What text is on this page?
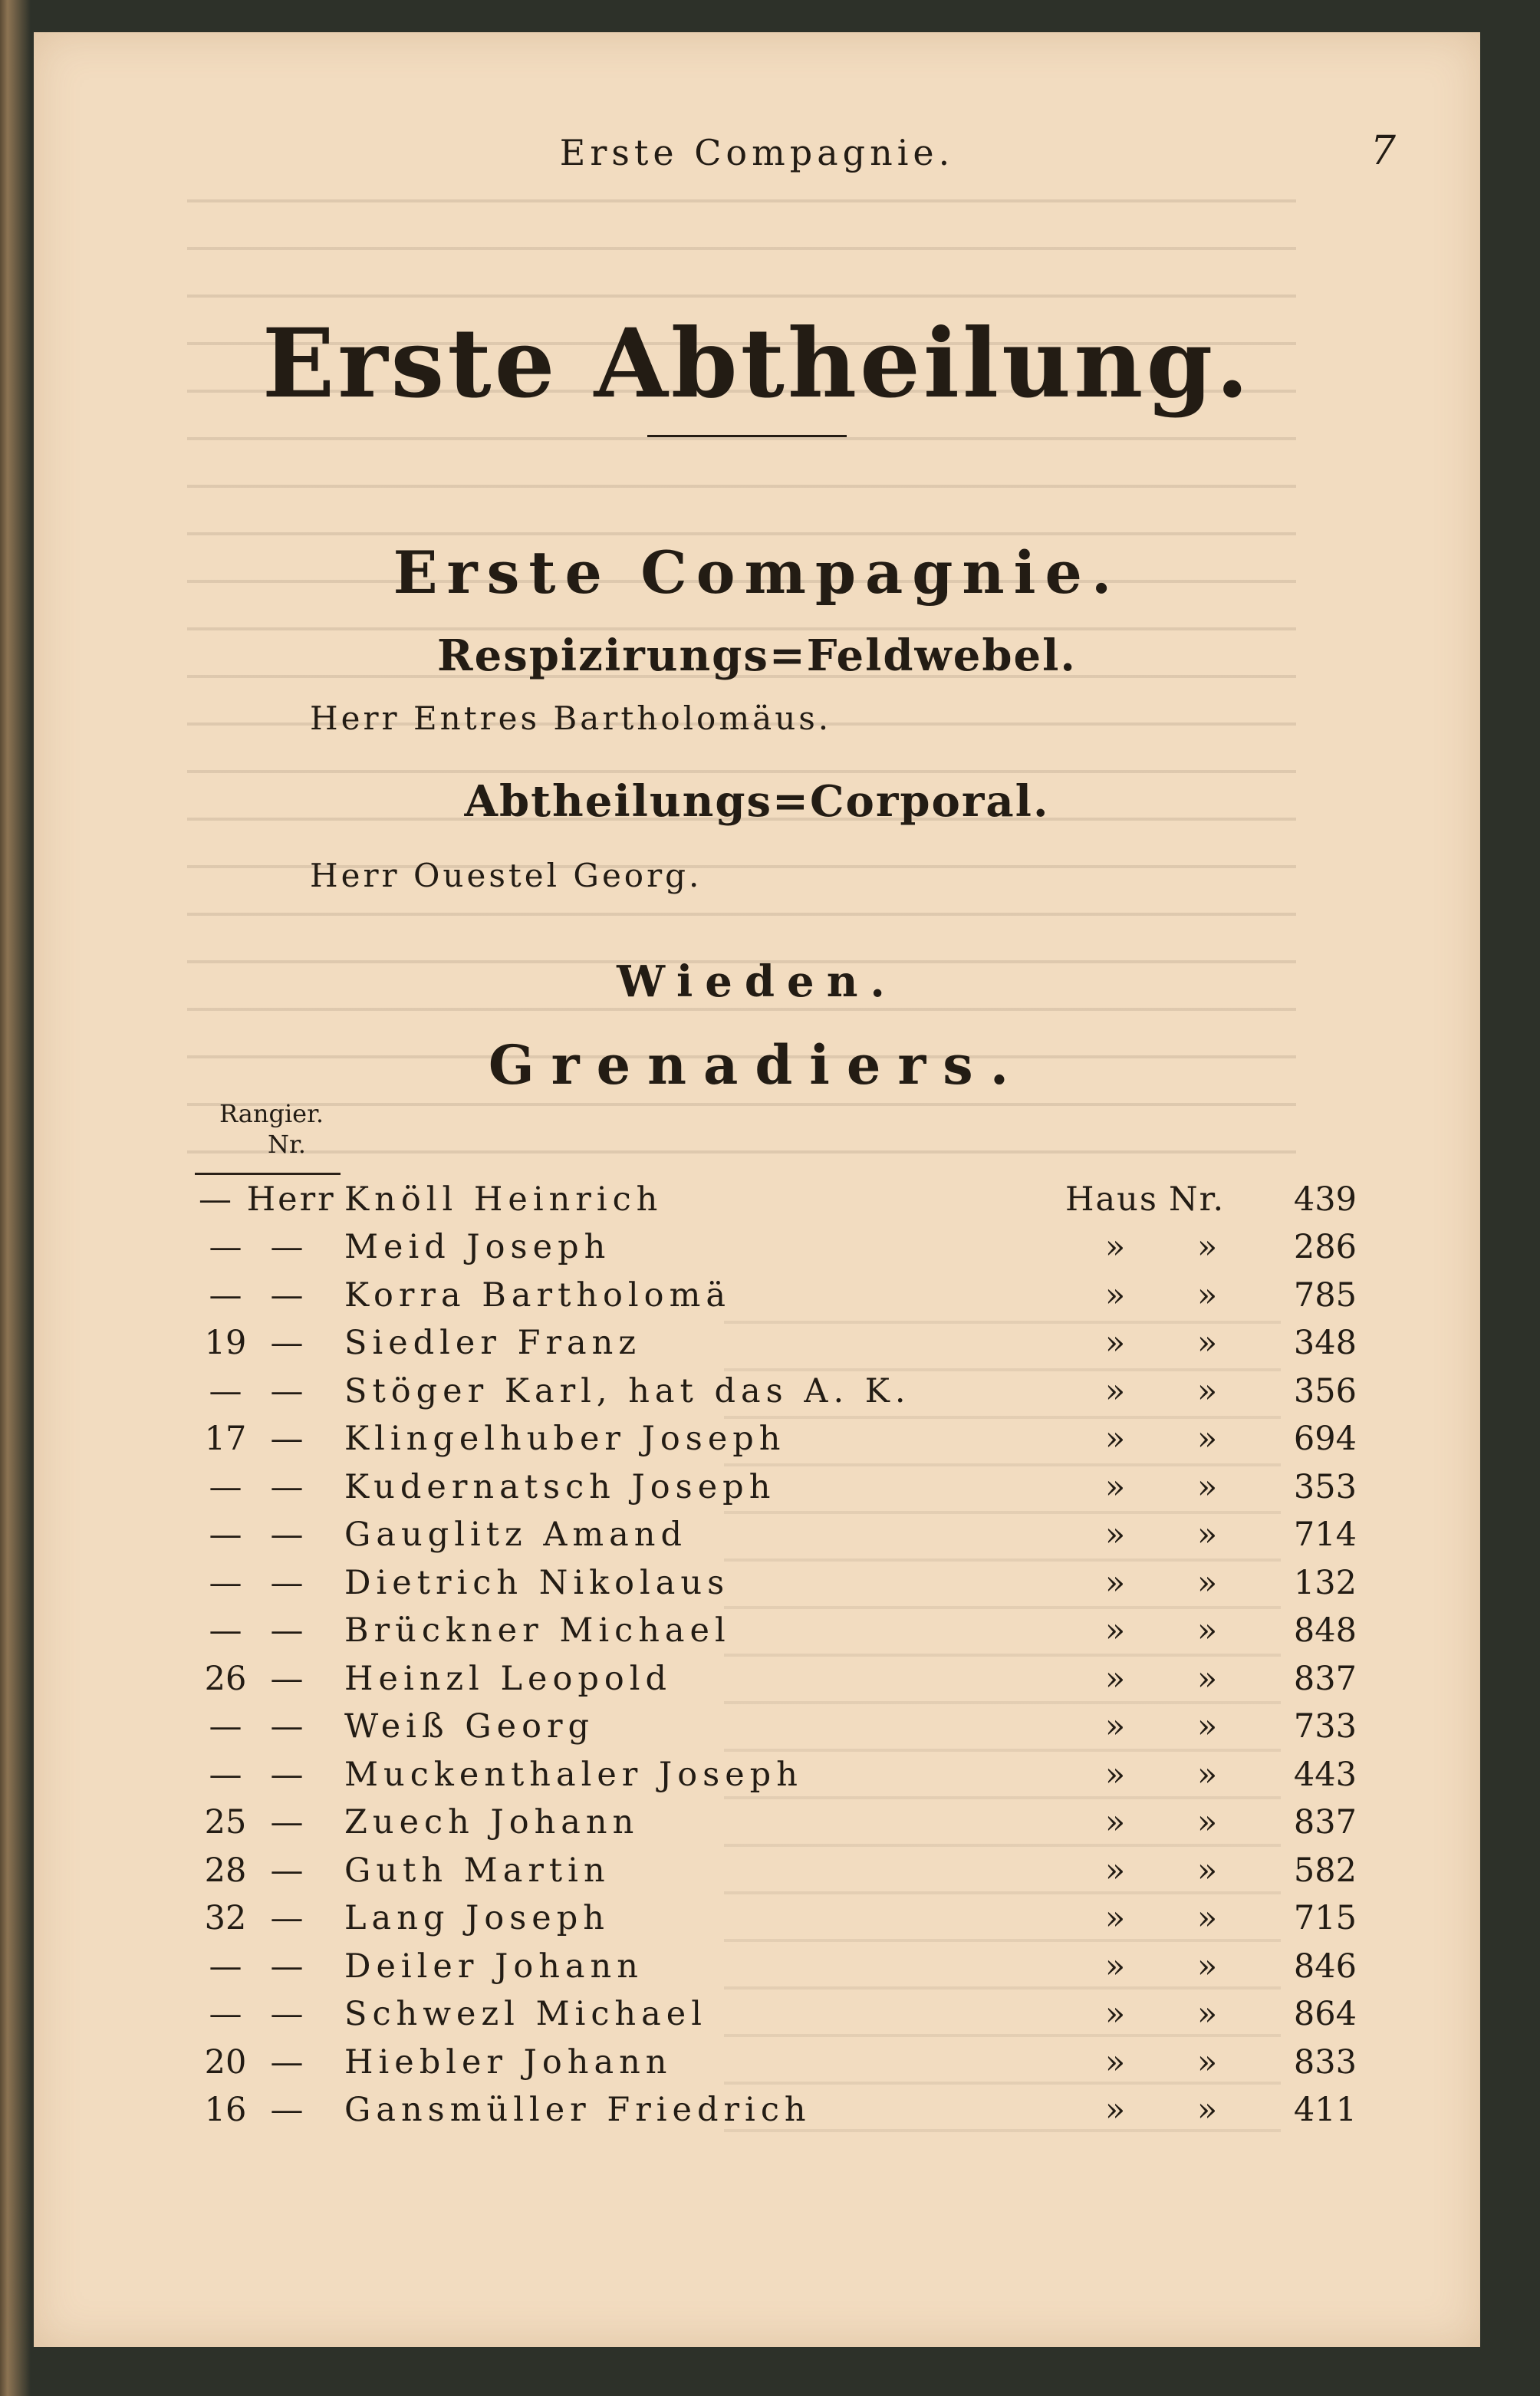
Erste Compagnie.	7
Erste Abtheilung.
Erste Compagnie.
Respizirungs=Feldwebel.
Herr Entres Bartholomäus.
Abtheilungs=Corporal.
Herr Ouestel Georg.
Wieden.
Grenadiers.
Rangier.
Nr.
— Herr Knöll Heinrich	Haus Nr.	439
— — Meid Joseph	» »	286
— — Korra Bartholomä	» »	785
19 — Siedler Franz	» »	348
— — Stöger Karl, hat das A. K.	» »	356
17 — Klingelhuber Joseph	» »	694
— — Kudernatsch Joseph	» »	353
— — Gauglitz Amand	» »	714
— — Dietrich Nikolaus	» »	132
— — Brückner Michael	» »	848
26 — Heinzl Leopold	» »	837
— — Weiß Georg	» »	733
— — Muckenthaler Joseph	» »	443
25 — Zuech Johann	» »	837
28 — Guth Martin	» »	582
32 — Lang Joseph	» »	715
— — Deiler Johann	» »	846
— — Schwezl Michael	» »	864
20 — Hiebler Johann	» »	833
16 — Gansmüller Friedrich	» »	411
